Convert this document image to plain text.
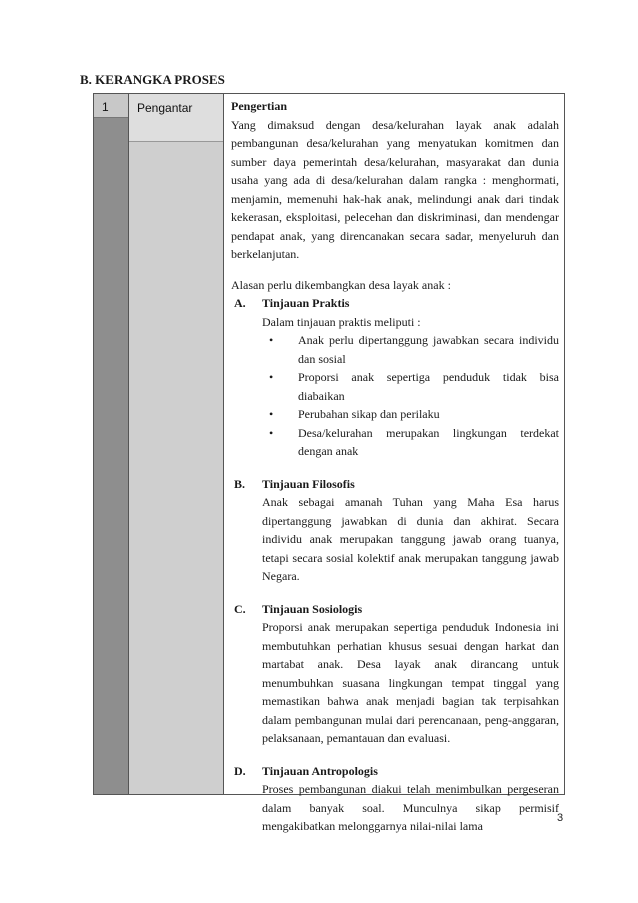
B. KERANGKA PROSES
1 Pengantar	Pengertian

Yang dimaksud dengan desa/kelurahan layak anak adalah pembangunan desa/kelurahan yang menyatukan komitmen dan sumber daya pemerintah desa/kelurahan, masyarakat dan dunia usaha yang ada di desa/kelurahan dalam rangka : menghormati, menjamin, memenuhi hak-hak anak, melindungi anak dari tindak kekerasan, eksploitasi, pelecehan dan diskriminasi, dan mendengar pendapat anak, yang direncanakan secara sadar, menyeluruh dan berkelanjutan.

Alasan perlu dikembangkan desa layak anak :

A. Tinjauan Praktis

Dalam tinjauan praktis meliputi :

• Anak perlu dipertanggung jawabkan secara individu dan sosial
• Proporsi anak sepertiga penduduk tidak bisa diabaikan
• Perubahan sikap dan perilaku
• Desa/kelurahan merupakan lingkungan terdekat dengan anak
B. Tinjauan Filosofis

Anak sebagai amanah Tuhan yang Maha Esa harus dipertanggung jawabkan di dunia dan akhirat. Secara individu anak merupakan tanggung jawab orang tuanya, tetapi secara sosial kolektif anak merupakan tanggung jawab Negara.

C. Tinjauan Sosiologis

Proporsi anak merupakan sepertiga penduduk Indonesia ini membutuhkan perhatian khusus sesuai dengan harkat dan martabat anak. Desa layak anak dirancang untuk menumbuhkan suasana lingkungan tempat tinggal yang memastikan bahwa anak menjadi bagian tak terpisahkan dalam pembangunan mulai dari perencanaan, peng-anggaran, pelaksanaan, pemantauan dan evaluasi.

D. Tinjauan Antropologis

Proses pembangunan diakui telah menimbulkan pergeseran dalam banyak soal. Munculnya sikap permisif mengakibatkan melonggarnya nilai-nilai lama

3
